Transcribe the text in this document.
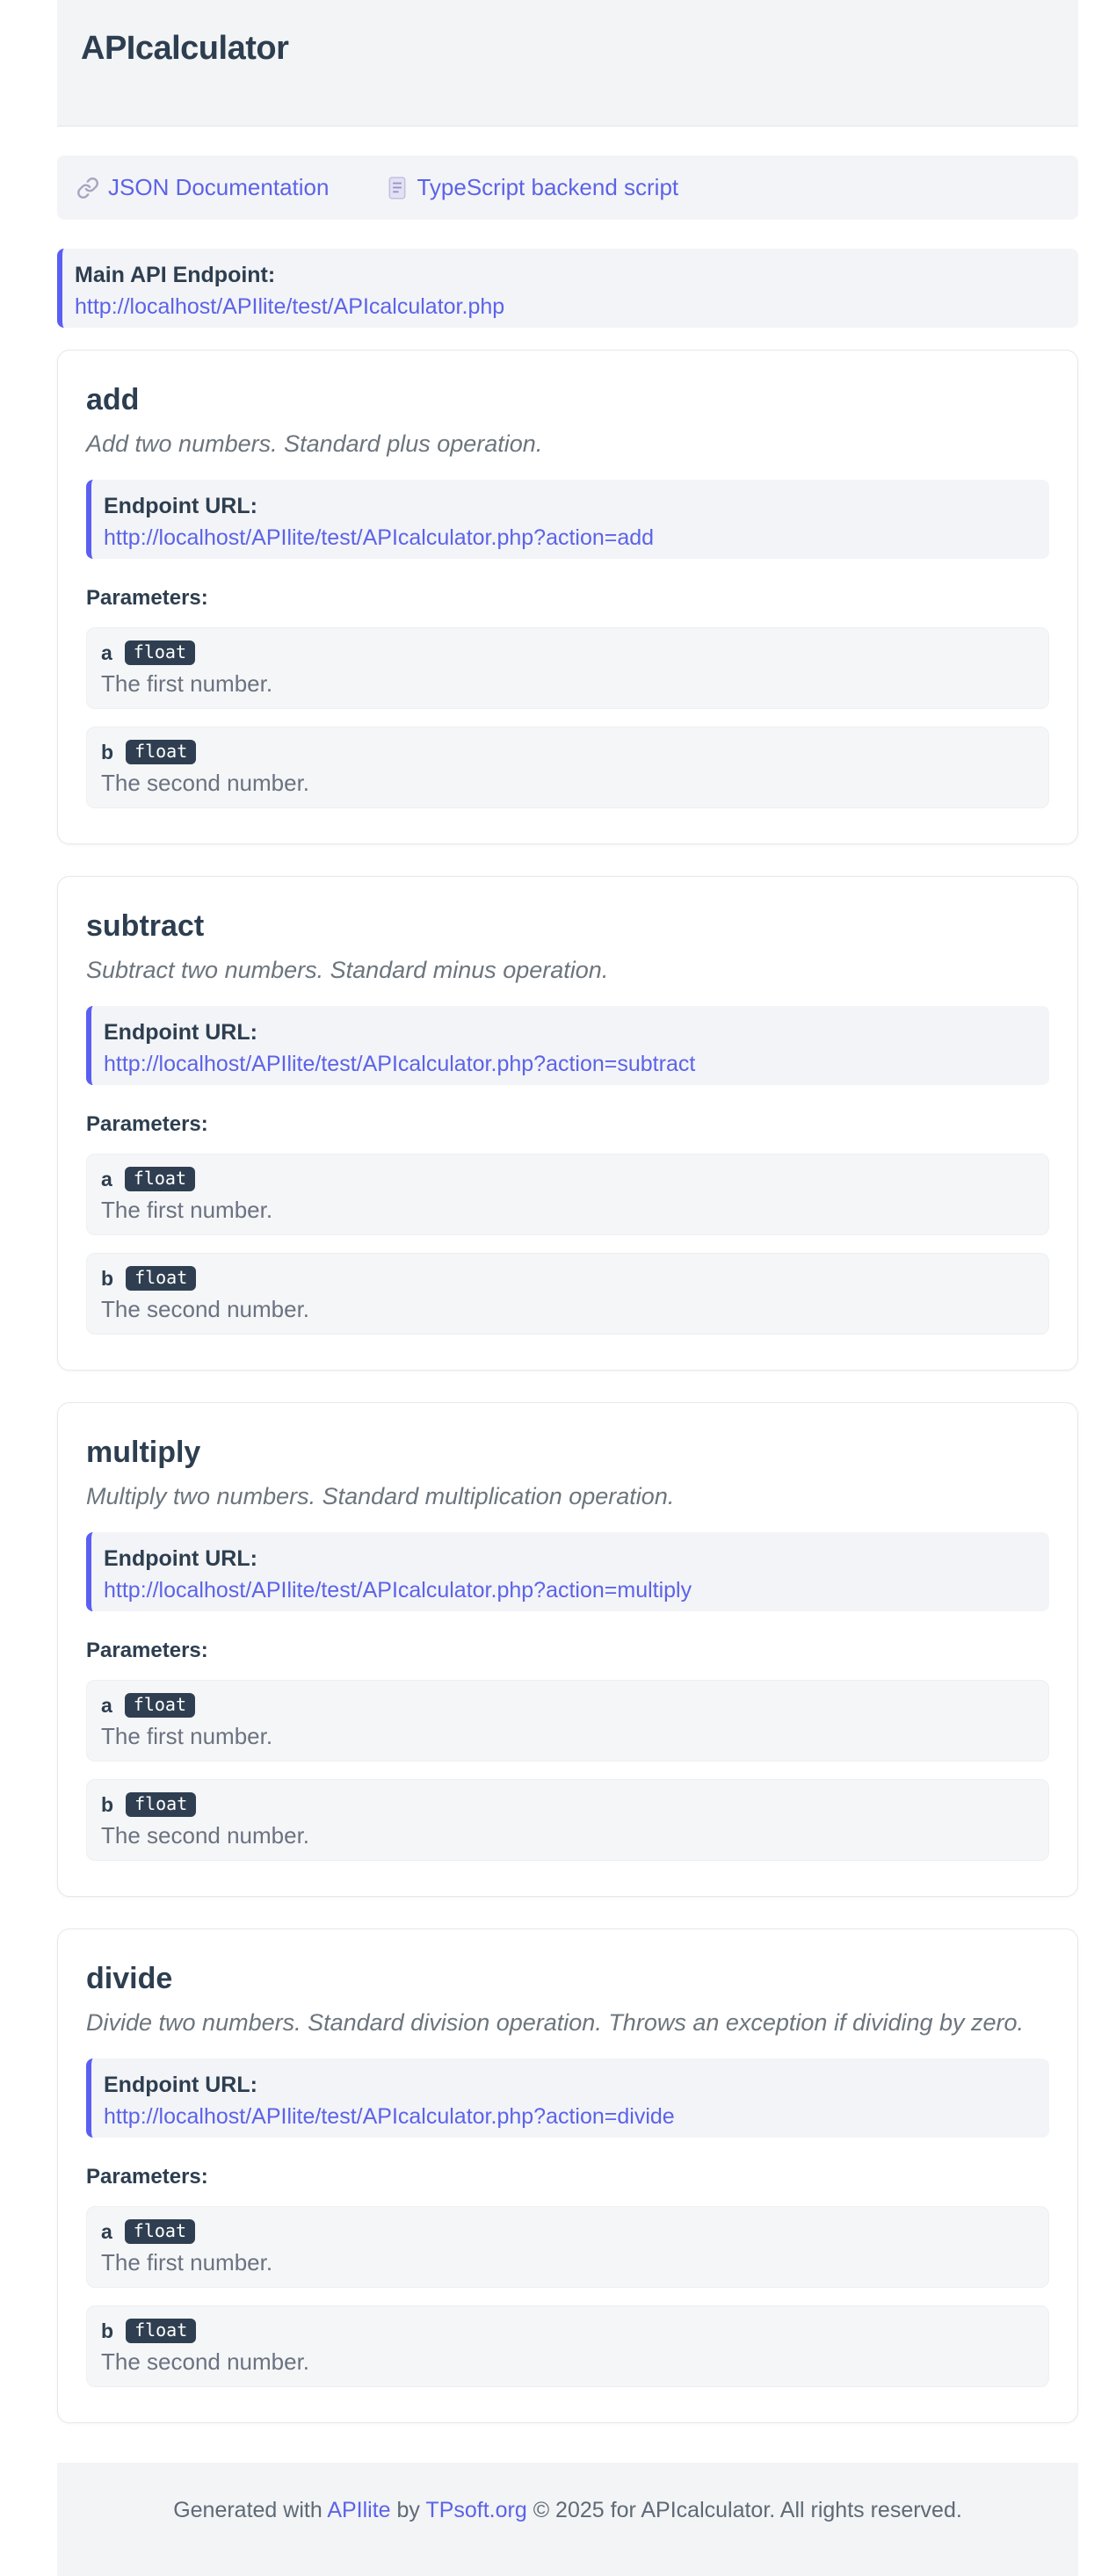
APIcalculator
JSON Documentation	TypeScript backend script

Main API Endpoint:

http://localhost/APIlite/test/APIcalculator.php
add

Add two numbers. Standard plus operation.

Endpoint URL:

http://localhost/APIlite/test/APIcalculator.php?action=add
Parameters:
a	float
The first number.
b	float
The second number.
subtract

Subtract two numbers. Standard minus operation.

Endpoint URL:

http://localhost/APIlite/test/APIcalculator.php?action=subtract
Parameters:
a	float
The first number.
b	float
The second number.
multiply

Multiply two numbers. Standard multiplication operation.

Endpoint URL:

http://localhost/APIlite/test/APIcalculator.php?action=multiply
Parameters:
a	float
The first number.
b	float
The second number.
divide

Divide two numbers. Standard division operation. Throws an exception if dividing by zero.

Endpoint URL:

http://localhost/APIlite/test/APIcalculator.php?action=divide
Parameters:
a	float
The first number.
b	float
The second number.
Generated with APIlite by TPsoft.org © 2025 for APIcalculator. All rights reserved.
